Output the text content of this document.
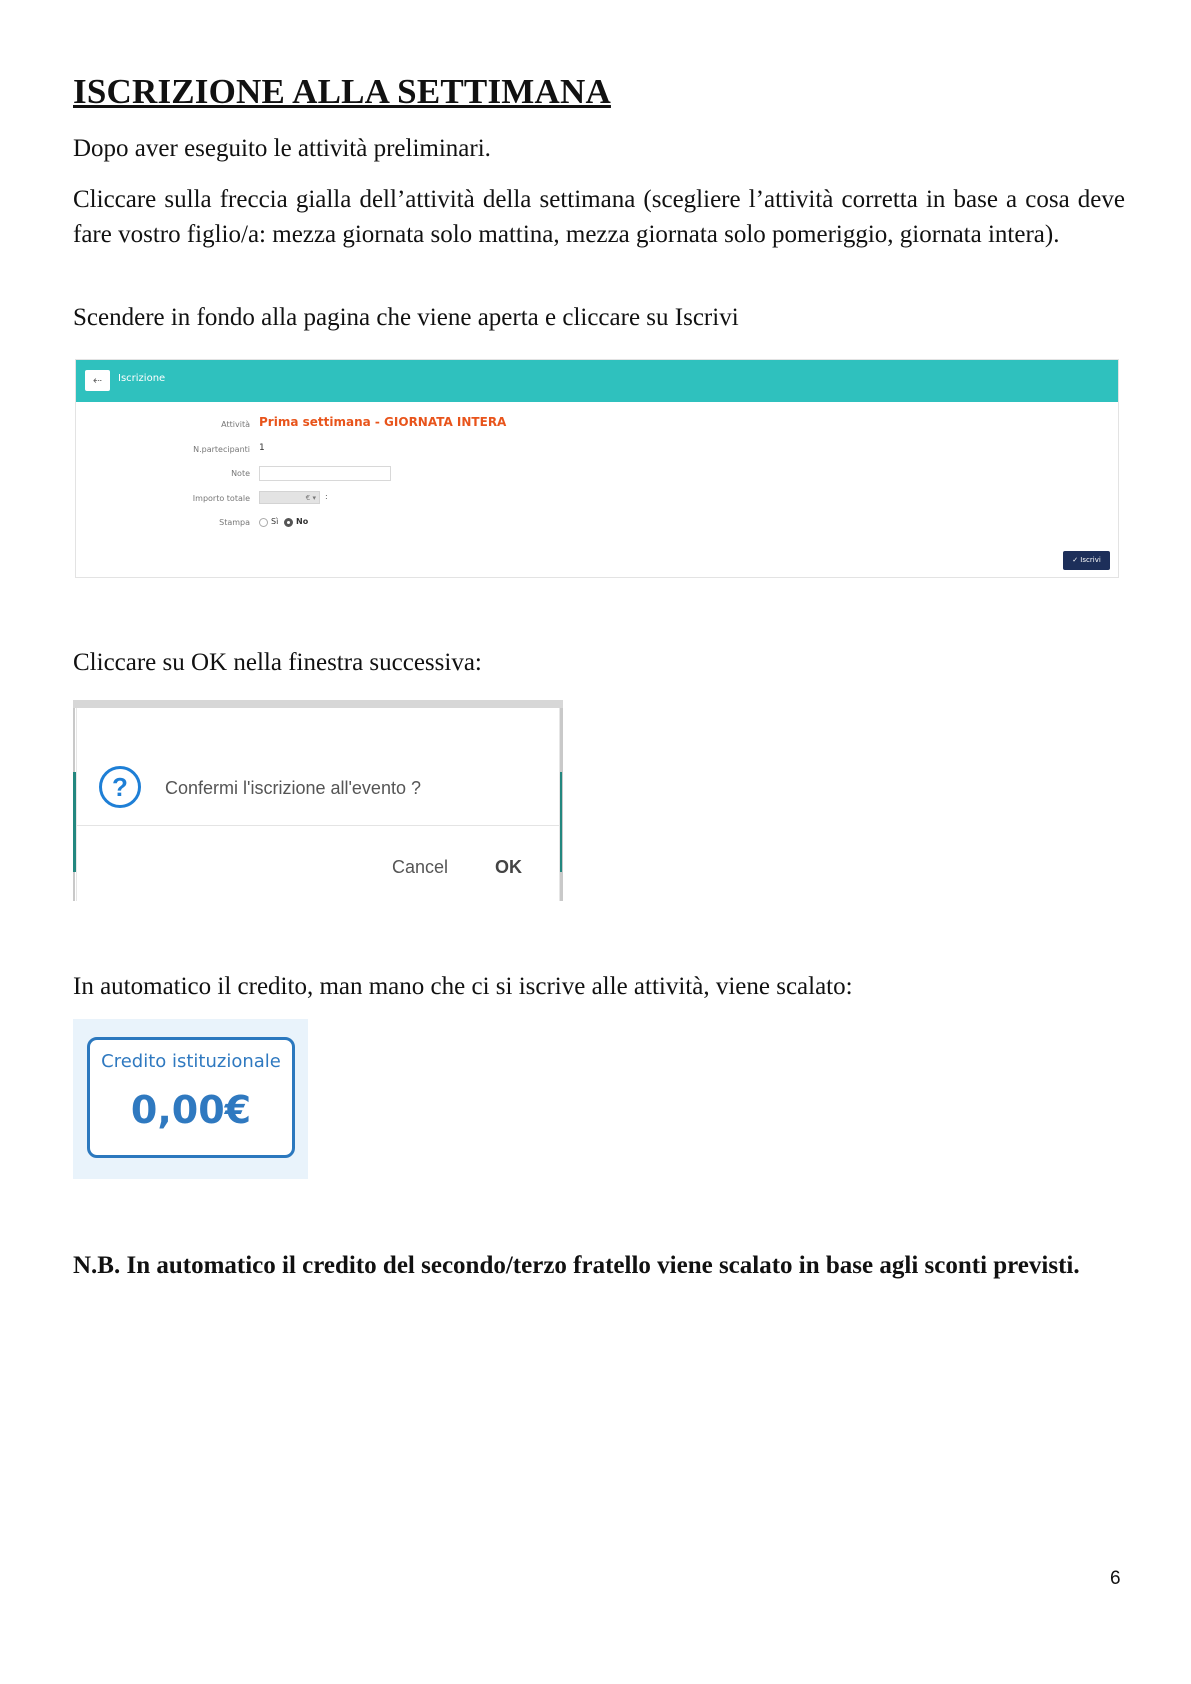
ISCRIZIONE ALLA SETTIMANA

Dopo aver eseguito le attività preliminari.

Cliccare sulla freccia gialla dell’attività della settimana (scegliere l’attività corretta in base a cosa deve fare vostro figlio/a: mezza giornata solo mattina, mezza giornata solo pomeriggio, giornata intera).

Scendere in fondo alla pagina che viene aperta e cliccare su Iscrivi

⇠	Iscrizione
Attività Prima settimana - GIORNATA INTERA
N.partecipanti 1
Note
Importo totale	€ ▾	:
Stampa	Sì No
✓ Iscrivi

Cliccare su OK nella finestra successiva:

?	Confermi l'iscrizione all'evento ?
Cancel	OK

In automatico il credito, man mano che ci si iscrive alle attività, viene scalato:

Credito istituzionale
0,00€

N.B. In automatico il credito del secondo/terzo fratello viene scalato in base agli sconti previsti.

6
